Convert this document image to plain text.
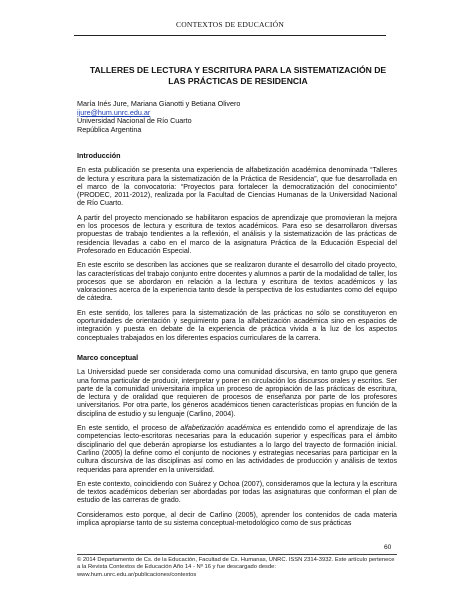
CONTEXTOS DE EDUCACIÓN
TALLERES DE LECTURA Y ESCRITURA PARA LA SISTEMATIZACIÓN DE
LAS PRÁCTICAS DE RESIDENCIA
María Inés Jure, Mariana Gianotti y Betiana Olivero
ijure@hum.unrc.edu.ar
Universidad Nacional de Río Cuarto
República Argentina
Introducción

En esta publicación se presenta una experiencia de alfabetización académica denominada “Talleres de lectura y escritura para la sistematización de la Práctica de Residencia”, que fue desarrollada en el marco de la convocatoria: “Proyectos para fortalecer la democratización del conocimiento” (PRODEC, 2011-2012), realizada por la Facultad de Ciencias Humanas de la Universidad Nacional de Río Cuarto.

A partir del proyecto mencionado se habilitaron espacios de aprendizaje que promovieran la mejora en los procesos de lectura y escritura de textos académicos. Para eso se desarrollaron diversas propuestas de trabajo tendientes a la reflexión, el análisis y la sistematización de las prácticas de residencia llevadas a cabo en el marco de la asignatura Práctica de la Educación Especial del Profesorado en Educación Especial.

En este escrito se describen las acciones que se realizaron durante el desarrollo del citado proyecto, las características del trabajo conjunto entre docentes y alumnos a partir de la modalidad de taller, los procesos que se abordaron en relación a la lectura y escritura de textos académicos y las valoraciones acerca de la experiencia tanto desde la perspectiva de los estudiantes como del equipo de cátedra.

En este sentido, los talleres para la sistematización de las prácticas no sólo se constituyeron en oportunidades de orientación y seguimiento para la alfabetización académica sino en espacios de integración y puesta en debate de la experiencia de práctica vivida a la luz de los aspectos conceptuales trabajados en los diferentes espacios curriculares de la carrera.

Marco conceptual

La Universidad puede ser considerada como una comunidad discursiva, en tanto grupo que genera una forma particular de producir, interpretar y poner en circulación los discursos orales y escritos. Ser parte de la comunidad universitaria implica un proceso de apropiación de las prácticas de escritura, de lectura y de oralidad que requieren de procesos de enseñanza por parte de los profesores universitarios. Por otra parte, los géneros académicos tienen características propias en función de la disciplina de estudio y su lenguaje (Carlino, 2004).

En este sentido, el proceso de alfabetización académica es entendido como el aprendizaje de las competencias lecto-escritoras necesarias para la educación superior y específicas para el ámbito disciplinario del que deberán apropiarse los estudiantes a lo largo del trayecto de formación inicial. Carlino (2005) la define como el conjunto de nociones y estrategias necesarias para participar en la cultura discursiva de las disciplinas así como en las actividades de producción y análisis de textos requeridas para aprender en la universidad.

En este contexto, coincidiendo con Suárez y Ochoa (2007), consideramos que la lectura y la escritura de textos académicos deberían ser abordadas por todas las asignaturas que conforman el plan de estudio de las carreras de grado.

Consideramos esto porque, al decir de Carlino (2005), aprender los contenidos de cada materia implica apropiarse tanto de su sistema conceptual-metodológico como de sus prácticas

60
© 2014 Departamento de Cs. de la Educación, Facultad de Cs. Humanas, UNRC. ISSN 2314-3932. Este artículo pertenece
a la Revista Contextos de Educación Año 14 - Nº 16 y fue descargado desde:
www.hum.unrc.edu.ar/publicaciones/contextos
